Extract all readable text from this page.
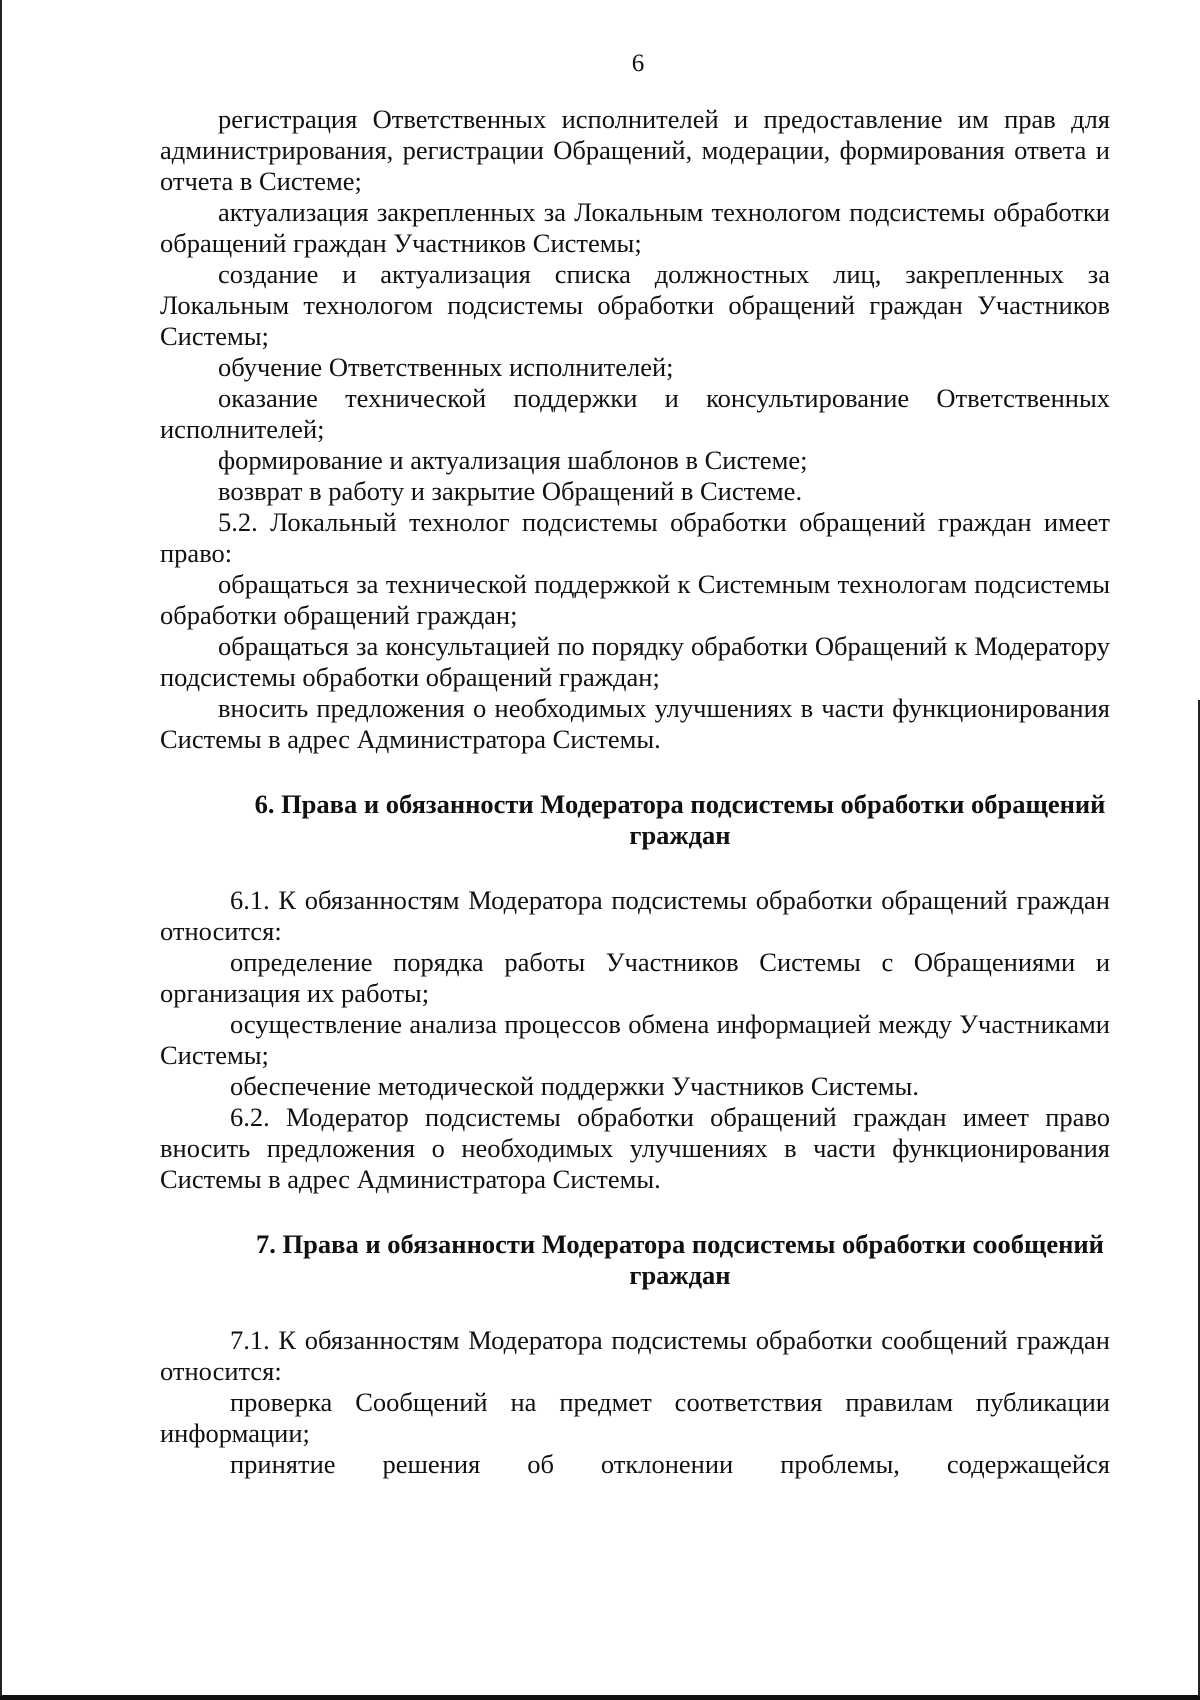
6

регистрация Ответственных исполнителей и предоставление им прав для администрирования, регистрации Обращений, модерации, формирования ответа и отчета в Системе;

актуализация закрепленных за Локальным технологом подсистемы обработки обращений граждан Участников Системы;

создание и актуализация списка должностных лиц, закрепленных за Локальным технологом подсистемы обработки обращений граждан Участников Системы;

обучение Ответственных исполнителей;

оказание технической поддержки и консультирование Ответственных исполнителей;

формирование и актуализация шаблонов в Системе;

возврат в работу и закрытие Обращений в Системе.

5.2. Локальный технолог подсистемы обработки обращений граждан имеет право:

обращаться за технической поддержкой к Системным технологам подсистемы обработки обращений граждан;

обращаться за консультацией по порядку обработки Обращений к Модератору подсистемы обработки обращений граждан;

вносить предложения о необходимых улучшениях в части функционирования Системы в адрес Администратора Системы.

6. Права и обязанности Модератора подсистемы обработки обращений граждан

6.1. К обязанностям Модератора подсистемы обработки обращений граждан относится:

определение порядка работы Участников Системы с Обращениями и организация их работы;

осуществление анализа процессов обмена информацией между Участниками Системы;

обеспечение методической поддержки Участников Системы.

6.2. Модератор подсистемы обработки обращений граждан имеет право вносить предложения о необходимых улучшениях в части функционирования Системы в адрес Администратора Системы.

7. Права и обязанности Модератора подсистемы обработки сообщений граждан

7.1. К обязанностям Модератора подсистемы обработки сообщений граждан относится:

проверка Сообщений на предмет соответствия правилам публикации информации;

принятие решения об отклонении проблемы, содержащейся
